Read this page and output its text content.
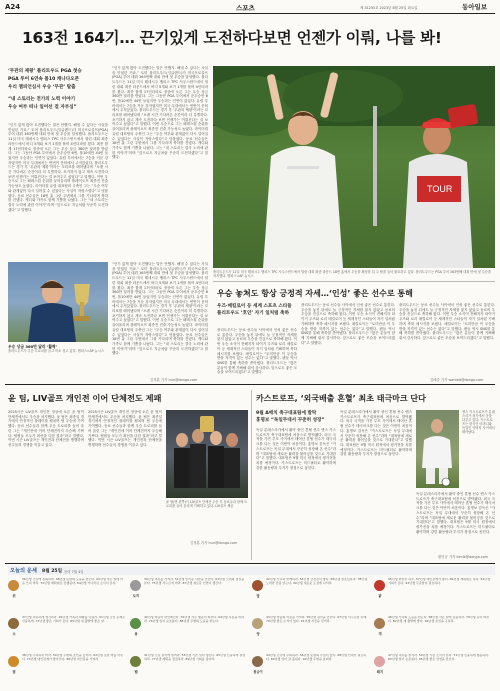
A24	스포츠	제 31255호 2023년 8월 25일 화요일	동아일보
163전 164기… 끈기있게 도전하다보면 언젠가 이뤄, 나를 봐!
‘무관의 제왕’ 플리트우드 PGA 첫승
PGA 투어 6연속 톱10 캐나다오픈
우리 챔피언십서 우승 ‘무관’ 탈출
“내 스토리는 전가의 노력 이야기
우승 여부 떠나 일어선 걸 자부심”
“인기 없게 많아 도전했다는 말은 안했지. 해낼 수 있다는 사실을 믿었던 거죠.” 토미 플리트우드(잉글랜드)가 미국프로골프(PGA) 투어 데뷔 163번째 대회 만에 첫 우승을 달성했다. 플리트우드는 11일 미국 테네시주 멤피스 TPC 사우스윈드에서 열린 대회 최종 라운드에서 버디 5개와 보기 1개를 묶어 4언더파를 쳤다. 최종 합계 17언더파로 정상에 오른 그는 우승 상금 360만 달러를 받았다. 그는 그동안 PGA 투어에서 준우승만 6번, 톱10에만 44번 들었지만 우승과는 인연이 없었다. 유럽 투어에서는 7승을 거둔 강자였지만 미국 무대에서는 번번이 문턱에서 주저앉았다. 플리트우드는 경기 후 ‘무관의 제왕’이라는 꼬리표를 떼어냈다며 “오랜 시간 기다려온 순간이라 더 특별하다. 포기하지 않고 계속 도전하다 보면 언젠가는 이뤄진다는 걸 보여주고 싶었다”고 말했다. 이번 우승으로 그는 페덱스컵 순위를 끌어올리며 플레이오프 최종전 진출 가능성도 높였다. 라이더컵 유럽 대표팀의 주축인 그는 “우승 여부와 관계없이 다시 일어설 수 있었다는 사실이 자랑스럽다”고 덧붙였다. 동료 선수들은 18번 홀 그린 주변에서 그를 기다리며 축하를 건넸다. 캐디와 가족도 함께 기쁨을 나눴다. 그는 “내 스토리는 결국 노력에 관한 이야기”라며 “앞으로도 지금처럼 꾸준히 도전하겠다”고 말했다.
“인기 없게 많아 도전했다는 말은 안했지. 해낼 수 있다는 사실을 믿었던 거죠.” 토미 플리트우드(잉글랜드)가 미국프로골프(PGA) 투어 데뷔 163번째 대회 만에 첫 우승을 달성했다. 플리트우드는 11일 미국 테네시주 멤피스 TPC 사우스윈드에서 열린 대회 최종 라운드에서 버디 5개와 보기 1개를 묶어 4언더파를 쳤다. 최종 합계 17언더파로 정상에 오른 그는 우승 상금 360만 달러를 받았다. 그는 그동안 PGA 투어에서 준우승만 6번, 톱10에만 44번 들었지만 우승과는 인연이 없었다. 유럽 투어에서는 7승을 거둔 강자였지만 미국 무대에서는 번번이 문턱에서 주저앉았다. 플리트우드는 경기 후 ‘무관의 제왕’이라는 꼬리표를 떼어냈다며 “오랜 시간 기다려온 순간이라 더 특별하다. 포기하지 않고 계속 도전하다 보면 언젠가는 이뤄진다는 걸 보여주고 싶었다”고 말했다. 이번 우승으로 그는 페덱스컵 순위를 끌어올리며 플레이오프 최종전 진출 가능성도 높였다. 라이더컵 유럽 대표팀의 주축인 그는 “우승 여부와 관계없이 다시 일어설 수 있었다는 사실이 자랑스럽다”고 덧붙였다. 동료 선수들은 18번 홀 그린 주변에서 그를 기다리며 축하를 건넸다. 캐디와 가족도 함께 기쁨을 나눴다. 그는 “내 스토리는 결국 노력에 관한 이야기”라며 “앞으로도 지금처럼 꾸준히 도전하겠다”고 말했다.
TOUR
플리트우드가 11일 미국 테네시주 멤피스 TPC 사우스윈드에서 열린 대회 최종 라운드 18번 홀에서 우승을 확정한 뒤 두 팔을 들어 환호하고 있다. 플리트우드는 PGA 투어 163번째 대회 만에 첫 우승을 차지했다. 멤피스=AP 뉴시스
우승 상금 360만 달러 ‘활짝’
플리트우드가 우승 트로피를 들고 미소 짓고 있다. 멤피스=AP 뉴시스
“인기 없게 많아 도전했다는 말은 안했지. 해낼 수 있다는 사실을 믿었던 거죠.” 토미 플리트우드(잉글랜드)가 미국프로골프(PGA) 투어 데뷔 163번째 대회 만에 첫 우승을 달성했다. 플리트우드는 11일 미국 테네시주 멤피스 TPC 사우스윈드에서 열린 대회 최종 라운드에서 버디 5개와 보기 1개를 묶어 4언더파를 쳤다. 최종 합계 17언더파로 정상에 오른 그는 우승 상금 360만 달러를 받았다. 그는 그동안 PGA 투어에서 준우승만 6번, 톱10에만 44번 들었지만 우승과는 인연이 없었다. 유럽 투어에서는 7승을 거둔 강자였지만 미국 무대에서는 번번이 문턱에서 주저앉았다. 플리트우드는 경기 후 ‘무관의 제왕’이라는 꼬리표를 떼어냈다며 “오랜 시간 기다려온 순간이라 더 특별하다. 포기하지 않고 계속 도전하다 보면 언젠가는 이뤄진다는 걸 보여주고 싶었다”고 말했다. 이번 우승으로 그는 페덱스컵 순위를 끌어올리며 플레이오프 최종전 진출 가능성도 높였다. 라이더컵 유럽 대표팀의 주축인 그는 “우승 여부와 관계없이 다시 일어설 수 있었다는 사실이 자랑스럽다”고 덧붙였다. 동료 선수들은 18번 홀 그린 주변에서 그를 기다리며 축하를 건넸다. 캐디와 가족도 함께 기쁨을 나눴다. 그는 “내 스토리는 결국 노력에 관한 이야기”라며 “앞으로도 지금처럼 꾸준히 도전하겠다”고 말했다.
김정훈 기자 hun@donga.com
우승 놓쳐도 항상 긍정적 자세…‘인성’ 좋은 선수로 통해
우즈·매킬로이 등 세계 스포츠 스타들 플리트우드 ‘호인’ 자기 일처럼 축하
플리트우드는 동료 선수들 사이에서 인성 좋은 선수로 통한다. 우승을 놓친 뒤에도 늘 긍정적인 자세를 잃지 않았고 동료의 우승을 진심으로 축하해 왔다. 이번 우승 소식이 전해지자 타이거 우즈와 로리 매킬로이 등 세계적인 스타들이 자기 일처럼 기뻐하며 축하 메시지를 보냈다. 매킬로이는 “토미만큼 이 우승을 받을 자격이 있는 선수는 없다”고 말했다. 팬들 역시 SNS를 통해 축하를 쏟아냈다. 플리트우드는 “많은 분들이 함께 기뻐해 줘서 감사하다. 앞으로도 좋은 모습을 보여드리겠다”고 말했다.
플리트우드는 동료 선수들 사이에서 인성 좋은 선수로 통한다. 우승을 놓친 뒤에도 늘 긍정적인 자세를 잃지 않았고 동료의 우승을 진심으로 축하해 왔다. 이번 우승 소식이 전해지자 타이거 우즈와 로리 매킬로이 등 세계적인 스타들이 자기 일처럼 기뻐하며 축하 메시지를 보냈다. 매킬로이는 “토미만큼 이 우승을 받을 자격이 있는 선수는 없다”고 말했다. 팬들 역시 SNS를 통해 축하를 쏟아냈다. 플리트우드는 “많은 분들이 함께 기뻐해 줘서 감사하다. 앞으로도 좋은 모습을 보여드리겠다”고 말했다.
플리트우드는 동료 선수들 사이에서 인성 좋은 선수로 통한다. 우승을 놓친 뒤에도 늘 긍정적인 자세를 잃지 않았고 동료의 우승을 진심으로 축하해 왔다. 이번 우승 소식이 전해지자 타이거 우즈와 로리 매킬로이 등 세계적인 스타들이 자기 일처럼 기뻐하며 축하 메시지를 보냈다. 매킬로이는 “토미만큼 이 우승을 받을 자격이 있는 선수는 없다”고 말했다. 팬들 역시 SNS를 통해 축하를 쏟아냈다. 플리트우드는 “많은 분들이 함께 기뻐해 줘서 감사하다. 앞으로도 좋은 모습을 보여드리겠다”고 말했다.
김배중 기자 wanted@donga.com
윤 팀, LIV골프 개인전 이어 단체전도 제패
2025시즌 LIV골프 개인전 정상에 오른 윤 팀이 단체전에서도 우승을 차지했다. 윤 팀은 최종일 경기에서 안정적인 플레이를 펼치며 팀 우승에 기여했다. 동료 선수들과 함께 우승 트로피를 들어 올린 그는 “개인전에 이어 단체전까지 우승해 기쁘다. 팀원들 모두가 최선을 다한 결과”라고 말했다. 이번 시즌 LIV골프는 개인전과 단체전을 병행하며 선수들의 경쟁을 이끌고 있다.
2025시즌 LIV골프 개인전 정상에 오른 윤 팀이 단체전에서도 우승을 차지했다. 윤 팀은 최종일 경기에서 안정적인 플레이를 펼치며 팀 우승에 기여했다. 동료 선수들과 함께 우승 트로피를 들어 올린 그는 “개인전에 이어 단체전까지 우승해 기쁘다. 팀원들 모두가 최선을 다한 결과”라고 말했다. 이번 시즌 LIV골프는 개인전과 단체전을 병행하며 선수들의 경쟁을 이끌고 있다.
윤 팀(맨 왼쪽)이 LIV골프 단체전 우승 후 동료들과 함께 트로피를 들어 올리며 기뻐하고 있다. LIV골프 제공
김정훈 기자 hun@donga.com
카스트로프, ‘외국배출 혼혈’ 최초 태극마크 단다
9월 A매치 축구대표팀에 발탁
홍명보 “독일무대서 꾸준히 성장”
독일 분데스리가에서 활약 중인 혼혈 선수 옌스 카스트로프가 축구대표팀에 처음으로 발탁됐다. 외국 국적을 가진 부모 사이에서 태어난 혼혈 선수가 태극마크를 다는 것은 이번이 처음이다. 홍명보 감독은 “카스트로프는 독일 무대에서 꾸준히 성장해 온 선수”라며 “대표팀에 새로운 활력을 불어넣을 것으로 기대한다”고 말했다. 대표팀은 9월 미국 원정에서 평가전을 치를 예정이다. 카스트로프는 미드필더로 활약하며 강한 활동량과 투지가 장점으로 꼽힌다.
독일 분데스리가에서 활약 중인 혼혈 선수 옌스 카스트로프가 축구대표팀에 처음으로 발탁됐다. 외국 국적을 가진 부모 사이에서 태어난 혼혈 선수가 태극마크를 다는 것은 이번이 처음이다. 홍명보 감독은 “카스트로프는 독일 무대에서 꾸준히 성장해 온 선수”라며 “대표팀에 새로운 활력을 불어넣을 것으로 기대한다”고 말했다. 대표팀은 9월 미국 원정에서 평가전을 치를 예정이다. 카스트로프는 미드필더로 활약하며 강한 활동량과 투지가 장점으로 꼽힌다.
옌스 카스트로프가 분데스리가 경기에서 공을 다루고 있다. 카스트로프는 한국인 어머니와 독일인 아버지 사이에서 태어났다.
독일 분데스리가에서 활약 중인 혼혈 선수 옌스 카스트로프가 축구대표팀에 처음으로 발탁됐다. 외국 국적을 가진 부모 사이에서 태어난 혼혈 선수가 태극마크를 다는 것은 이번이 처음이다. 홍명보 감독은 “카스트로프는 독일 무대에서 꾸준히 성장해 온 선수”라며 “대표팀에 새로운 활력을 불어넣을 것으로 기대한다”고 말했다. 대표팀은 9월 미국 원정에서 평가전을 치를 예정이다. 카스트로프는 미드필더로 활약하며 강한 활동량과 투지가 장점으로 꼽힌다.
황민규 기자 kimlk@donga.com
오늘의 운세 8월 25일 음력 7월 4일
쥐
36년생 건강에 유의하라. 48년생 뜻밖의 도움을 받는다. 60년생 작은 일에 마음 쓰지 마라. 72년생 계획대로 진행된다. 84년생 기다리던 소식이 온다.
소
37년생 차분하게 생각하라. 49년생 가족과 대화를 나눠라. 61년생 금전 문제는 신중하게. 73년생 좋은 기회가 온다. 85년생 새 출발에 좋은 날.
범
38년생 무리하지 마라. 50년생 주변의 조언을 들어라. 62년생 뜻한 바를 이룬다. 74년생 대인관계가 좋아진다. 86년생 자신감을 가져라.
토끼
39년생 여유를 가져라. 51년생 반가운 사람을 만난다. 63년생 노력의 결실을 본다. 75년생 서두르지 마라. 87년생 새로운 인연이 생긴다.
용
40년생 마음이 편안해진다. 52년생 작은 행운이 따른다. 64년생 욕심을 버려라. 76년생 일이 순조롭다. 88년생 주변의 도움을 받는다.
뱀
41년생 건강 관리에 힘써라. 53년생 기쁜 일이 생긴다. 65년생 신중하게 결정하라. 77년생 계획을 점검하라. 89년생 기회를 잡아라.
말
42년생 가족과 함께하라. 54년생 금전운이 좋다. 66년생 말조심하라. 78년생 노력한 만큼 얻는다. 90년생 새로운 도전에 나서라.
양
43년생 마음의 여유를 가져라. 55년생 귀인을 만난다. 67년생 서두르면 손해. 79년생 좋은 소식이 있다. 91년생 자신을 믿어라.
원숭이
44년생 건강에 주의하라. 56년생 뜻밖의 수입이 있다. 68년생 인내가 필요하다. 80년생 일이 잘 풀린다. 92년생 주변을 살펴라.
닭
45년생 편안한 하루. 57년생 대인관계가 좋다. 69년생 계획대로 하라. 81년생 기회가 온다. 93년생 꾸준함이 필요하다.
개
46년생 가족의 도움을 받는다. 58년생 작은 일에 집중하라. 70년생 운이 따른다. 82년생 새 출발에 좋다. 94년생 조언을 구하라.
돼지
47년생 여유를 즐겨라. 59년생 기쁜 소식이 온다. 71년생 신중하게 행동하라. 83년생 일이 순조롭다. 95년생 좋은 인연을 만난다.
